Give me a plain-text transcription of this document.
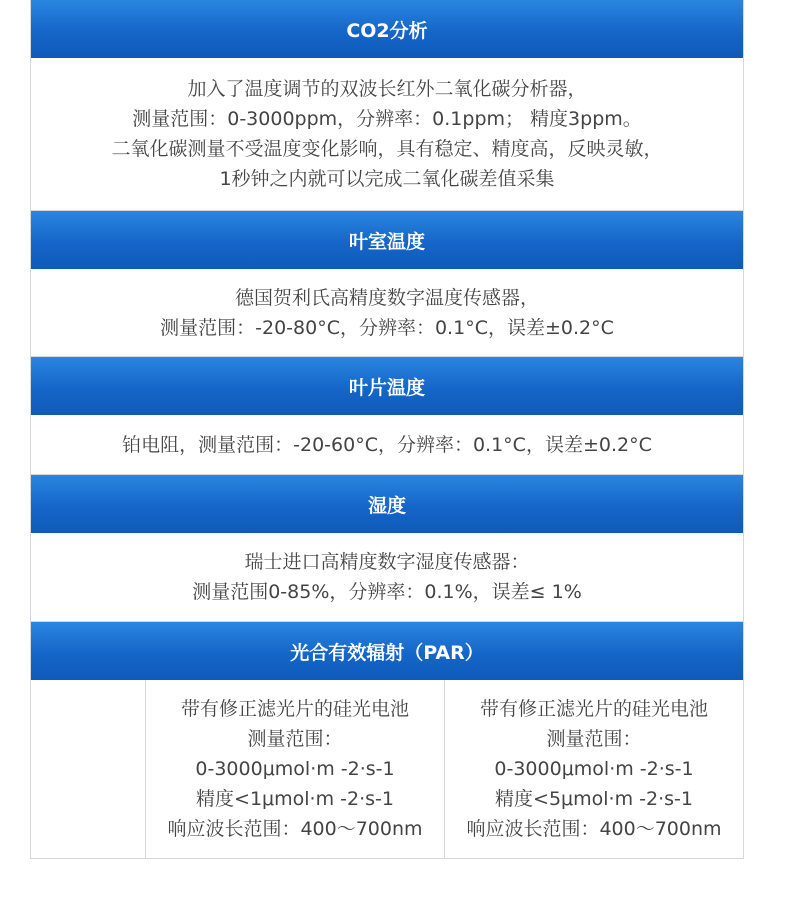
CO2分析
加入了温度调节的双波长红外二氧化碳分析器，
测量范围：0-3000ppm，分辨率：0.1ppm； 精度3ppm。
二氧化碳测量不受温度变化影响，具有稳定、精度高，反映灵敏，
1秒钟之内就可以完成二氧化碳差值采集
叶室温度
德国贺利氏高精度数字温度传感器，
测量范围：-20-80°C，分辨率：0.1°C，误差±0.2°C
叶片温度
铂电阻，测量范围：-20-60°C，分辨率：0.1°C，误差±0.2°C
湿度
瑞士进口高精度数字湿度传感器：
测量范围0-85%，分辨率：0.1%，误差≤ 1%
光合有效辐射（PAR）
带有修正滤光片的硅光电池
测量范围：
0-3000μmol·m -2·s-1
精度<1μmol·m -2·s-1
响应波长范围：400～700nm
带有修正滤光片的硅光电池
测量范围：
0-3000μmol·m -2·s-1
精度<5μmol·m -2·s-1
响应波长范围：400～700nm
